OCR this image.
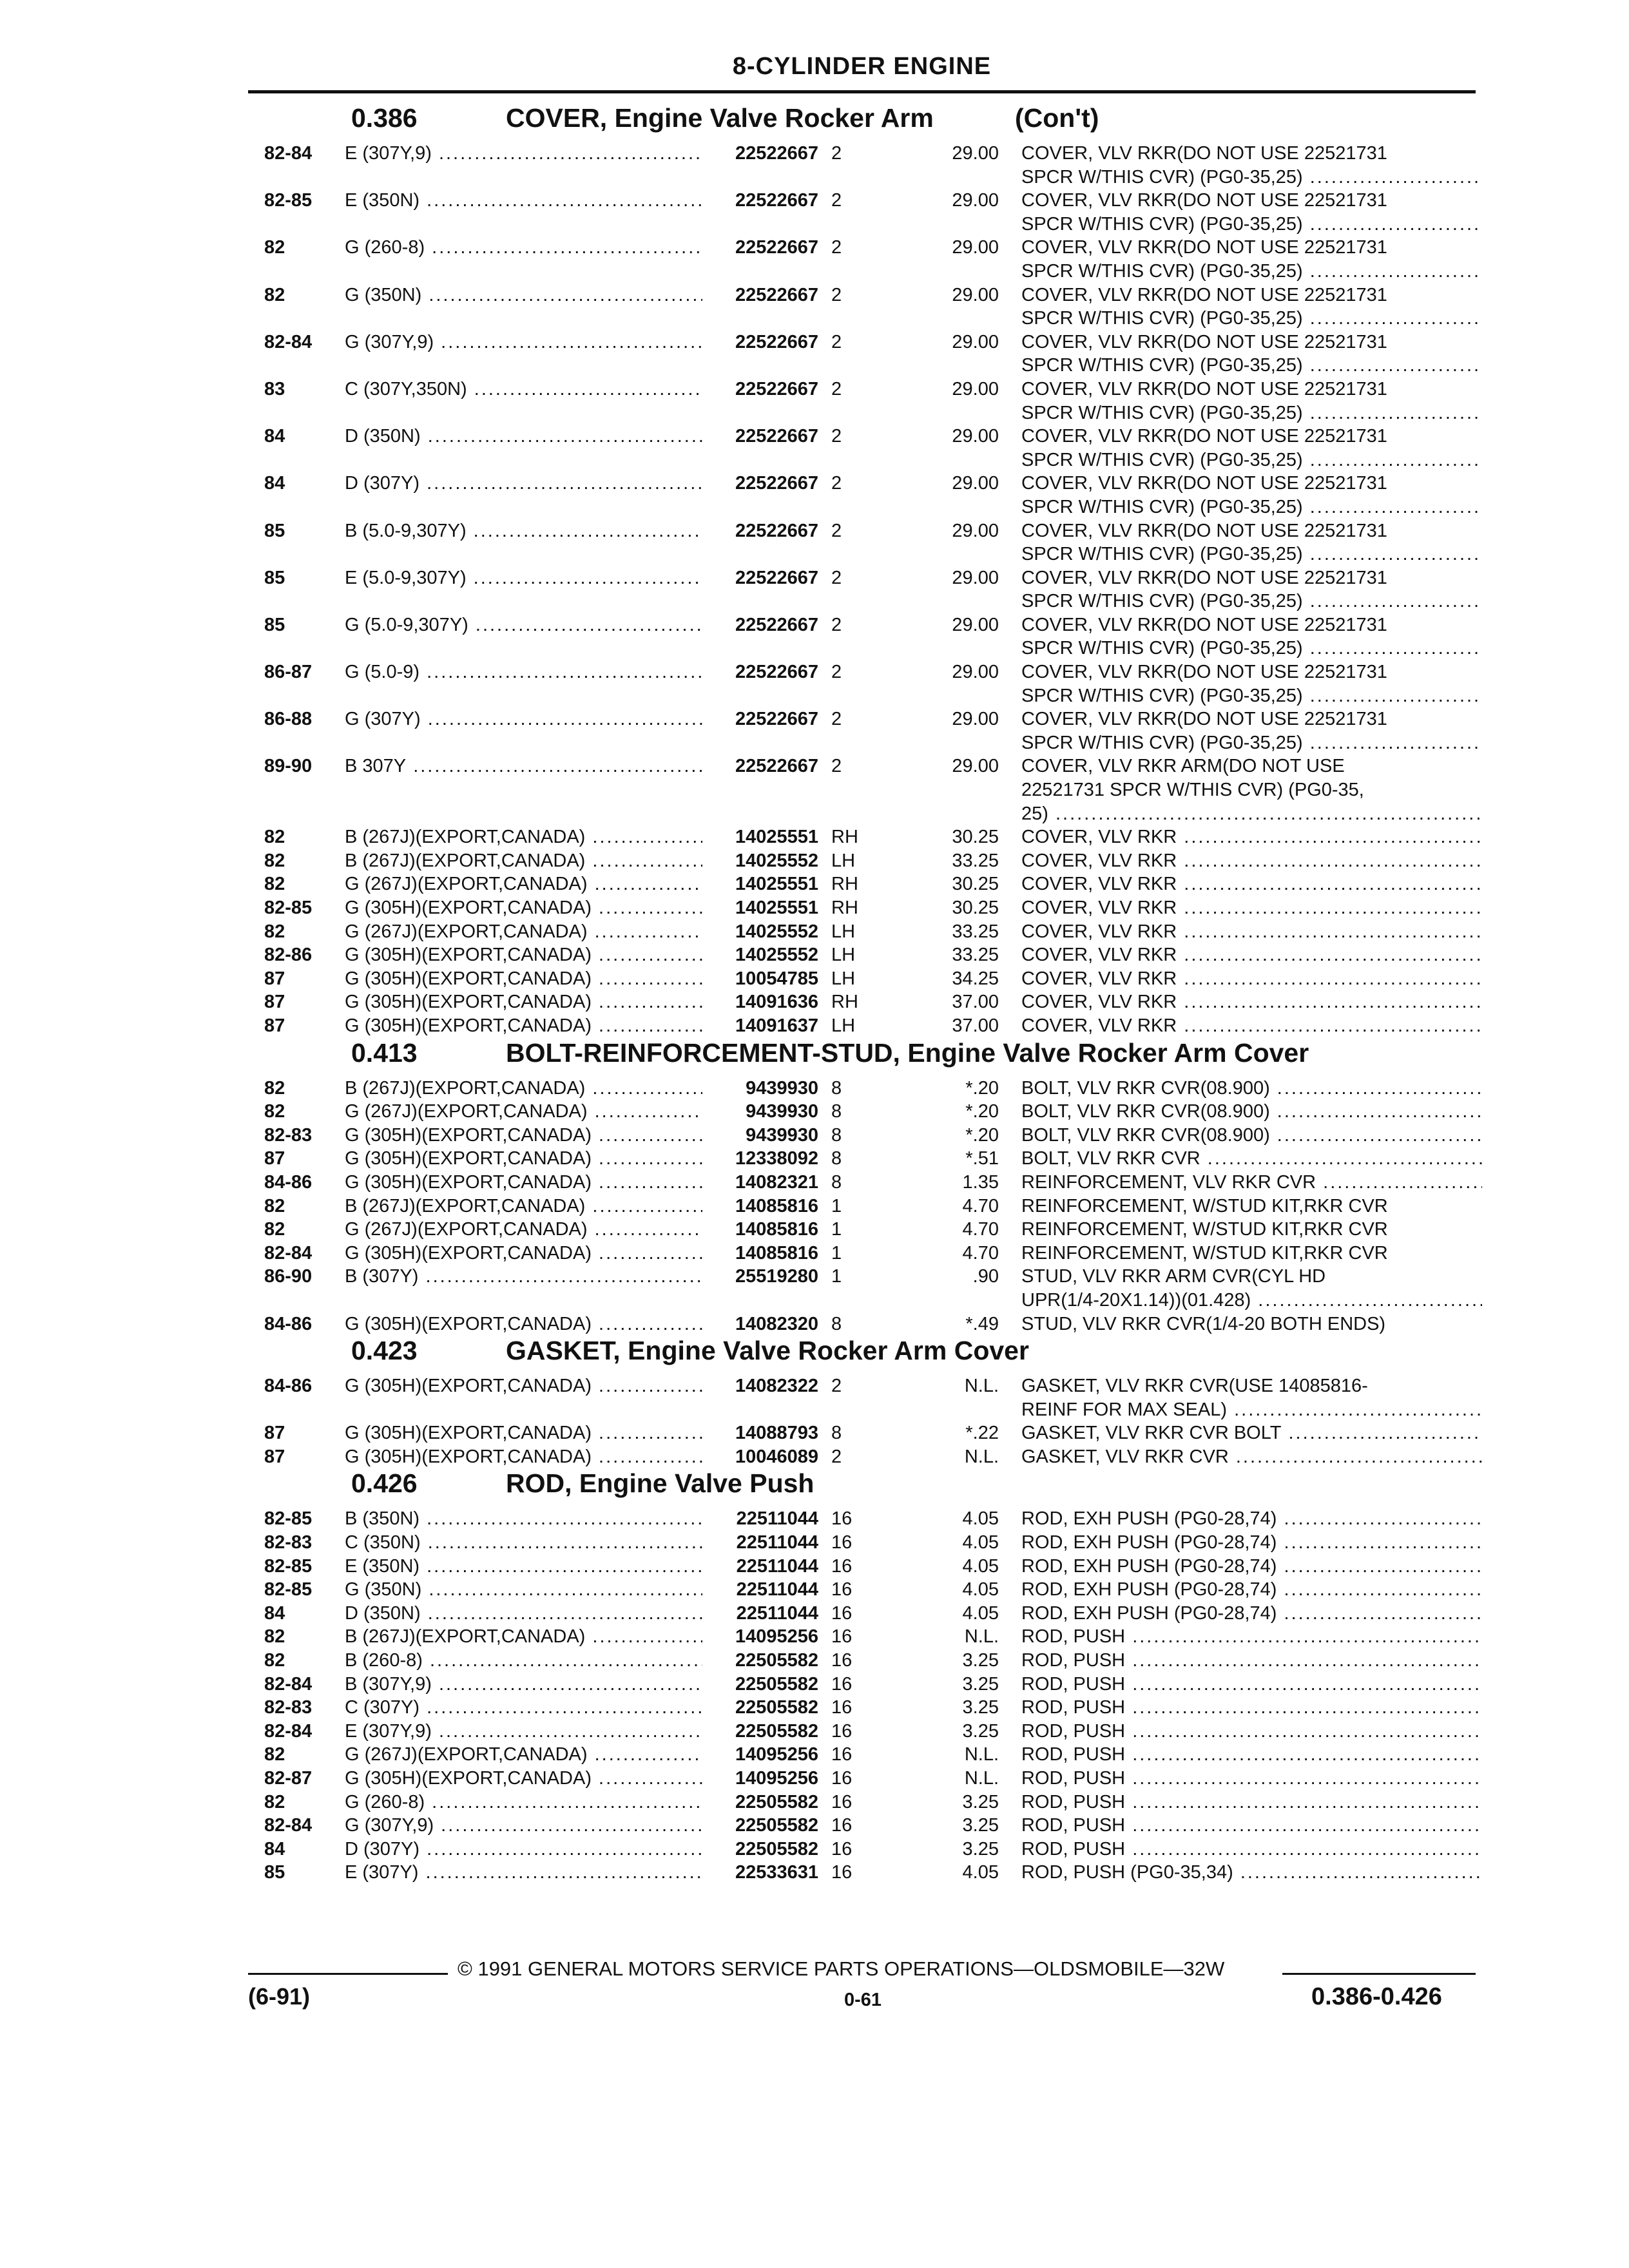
8-CYLINDER ENGINE
0.386	COVER, Engine Valve Rocker Arm	(Con't)
82-84 E (307Y,9) .....	22522667 2	29.00 COVER, VLV RKR(DO NOT USE 22521731
SPCR W/THIS CVR) (PG0-35,25) .....
82-85 E (350N) .....	22522667 2	29.00 COVER, VLV RKR(DO NOT USE 22521731
SPCR W/THIS CVR) (PG0-35,25) .....
82	G (260-8) .....	22522667 2	29.00 COVER, VLV RKR(DO NOT USE 22521731
SPCR W/THIS CVR) (PG0-35,25) .....
82	G (350N) .....	22522667 2	29.00 COVER, VLV RKR(DO NOT USE 22521731
SPCR W/THIS CVR) (PG0-35,25) .....
82-84 G (307Y,9) .....	22522667 2	29.00 COVER, VLV RKR(DO NOT USE 22521731
SPCR W/THIS CVR) (PG0-35,25) .....
83	C (307Y,350N) .....	22522667 2	29.00 COVER, VLV RKR(DO NOT USE 22521731
SPCR W/THIS CVR) (PG0-35,25) .....
84	D (350N) .....	22522667 2	29.00 COVER, VLV RKR(DO NOT USE 22521731
SPCR W/THIS CVR) (PG0-35,25) .....
84	D (307Y) .....	22522667 2	29.00 COVER, VLV RKR(DO NOT USE 22521731
SPCR W/THIS CVR) (PG0-35,25) .....
85	B (5.0-9,307Y) .....	22522667 2	29.00 COVER, VLV RKR(DO NOT USE 22521731
SPCR W/THIS CVR) (PG0-35,25) .....
85	E (5.0-9,307Y) .....	22522667 2	29.00 COVER, VLV RKR(DO NOT USE 22521731
SPCR W/THIS CVR) (PG0-35,25) .....
85	G (5.0-9,307Y) .....	22522667 2	29.00 COVER, VLV RKR(DO NOT USE 22521731
SPCR W/THIS CVR) (PG0-35,25) .....
86-87 G (5.0-9) .....	22522667 2	29.00 COVER, VLV RKR(DO NOT USE 22521731
SPCR W/THIS CVR) (PG0-35,25) .....
86-88 G (307Y) .....	22522667 2	29.00 COVER, VLV RKR(DO NOT USE 22521731
SPCR W/THIS CVR) (PG0-35,25) .....
89-90 B 307Y .....	22522667 2	29.00 COVER, VLV RKR ARM(DO NOT USE
22521731 SPCR W/THIS CVR) (PG0-35,
25) .....
82	B (267J)(EXPORT,CANADA) .....	14025551 RH	30.25 COVER, VLV RKR .....
82	B (267J)(EXPORT,CANADA) .....	14025552 LH	33.25 COVER, VLV RKR .....
82	G (267J)(EXPORT,CANADA) .....	14025551 RH	30.25 COVER, VLV RKR .....
82-85 G (305H)(EXPORT,CANADA) .....	14025551 RH	30.25 COVER, VLV RKR .....
82	G (267J)(EXPORT,CANADA) .....	14025552 LH	33.25 COVER, VLV RKR .....
82-86 G (305H)(EXPORT,CANADA) .....	14025552 LH	33.25 COVER, VLV RKR .....
87	G (305H)(EXPORT,CANADA) .....	10054785 LH	34.25 COVER, VLV RKR .....
87	G (305H)(EXPORT,CANADA) .....	14091636 RH	37.00 COVER, VLV RKR .....
87	G (305H)(EXPORT,CANADA) .....	14091637 LH	37.00 COVER, VLV RKR .....
0.413	BOLT-REINFORCEMENT-STUD, Engine Valve Rocker Arm Cover
82	B (267J)(EXPORT,CANADA) .....	9439930 8	*.20 BOLT, VLV RKR CVR(08.900) .....
82	G (267J)(EXPORT,CANADA) .....	9439930 8	*.20 BOLT, VLV RKR CVR(08.900) .....
82-83 G (305H)(EXPORT,CANADA) .....	9439930 8	*.20 BOLT, VLV RKR CVR(08.900) .....
87	G (305H)(EXPORT,CANADA) .....	12338092 8	*.51 BOLT, VLV RKR CVR .....
84-86 G (305H)(EXPORT,CANADA) .....	14082321 8	1.35 REINFORCEMENT, VLV RKR CVR .....
82	B (267J)(EXPORT,CANADA) .....	14085816 1	4.70 REINFORCEMENT, W/STUD KIT,RKR CVR
82	G (267J)(EXPORT,CANADA) .....	14085816 1	4.70 REINFORCEMENT, W/STUD KIT,RKR CVR
82-84 G (305H)(EXPORT,CANADA) .....	14085816 1	4.70 REINFORCEMENT, W/STUD KIT,RKR CVR
86-90 B (307Y) .....	25519280 1	.90 STUD, VLV RKR ARM CVR(CYL HD
UPR(1/4-20X1.14))(01.428) .....
84-86 G (305H)(EXPORT,CANADA) .....	14082320 8	*.49 STUD, VLV RKR CVR(1/4-20 BOTH ENDS)
0.423	GASKET, Engine Valve Rocker Arm Cover
84-86 G (305H)(EXPORT,CANADA) .....	14082322 2	N.L. GASKET, VLV RKR CVR(USE 14085816-
REINF FOR MAX SEAL) .....
87	G (305H)(EXPORT,CANADA) .....	14088793 8	*.22 GASKET, VLV RKR CVR BOLT .....
87	G (305H)(EXPORT,CANADA) .....	10046089 2	N.L. GASKET, VLV RKR CVR .....
0.426	ROD, Engine Valve Push
82-85 B (350N) .....	22511044 16	4.05 ROD, EXH PUSH (PG0-28,74) .....
82-83 C (350N) .....	22511044 16	4.05 ROD, EXH PUSH (PG0-28,74) .....
82-85 E (350N) .....	22511044 16	4.05 ROD, EXH PUSH (PG0-28,74) .....
82-85 G (350N) .....	22511044 16	4.05 ROD, EXH PUSH (PG0-28,74) .....
84	D (350N) .....	22511044 16	4.05 ROD, EXH PUSH (PG0-28,74) .....
82	B (267J)(EXPORT,CANADA) .....	14095256 16	N.L. ROD, PUSH .....
82	B (260-8) .....	22505582 16	3.25 ROD, PUSH .....
82-84 B (307Y,9) .....	22505582 16	3.25 ROD, PUSH .....
82-83 C (307Y) .....	22505582 16	3.25 ROD, PUSH .....
82-84 E (307Y,9) .....	22505582 16	3.25 ROD, PUSH .....
82	G (267J)(EXPORT,CANADA) .....	14095256 16	N.L. ROD, PUSH .....
82-87 G (305H)(EXPORT,CANADA) .....	14095256 16	N.L. ROD, PUSH .....
82	G (260-8) .....	22505582 16	3.25 ROD, PUSH .....
82-84 G (307Y,9) .....	22505582 16	3.25 ROD, PUSH .....
84	D (307Y) .....	22505582 16	3.25 ROD, PUSH .....
85	E (307Y) .....	22533631 16	4.05 ROD, PUSH (PG0-35,34) .....
© 1991 GENERAL MOTORS SERVICE PARTS OPERATIONS—OLDSMOBILE—32W
(6-91)	0-61	0.386-0.426
